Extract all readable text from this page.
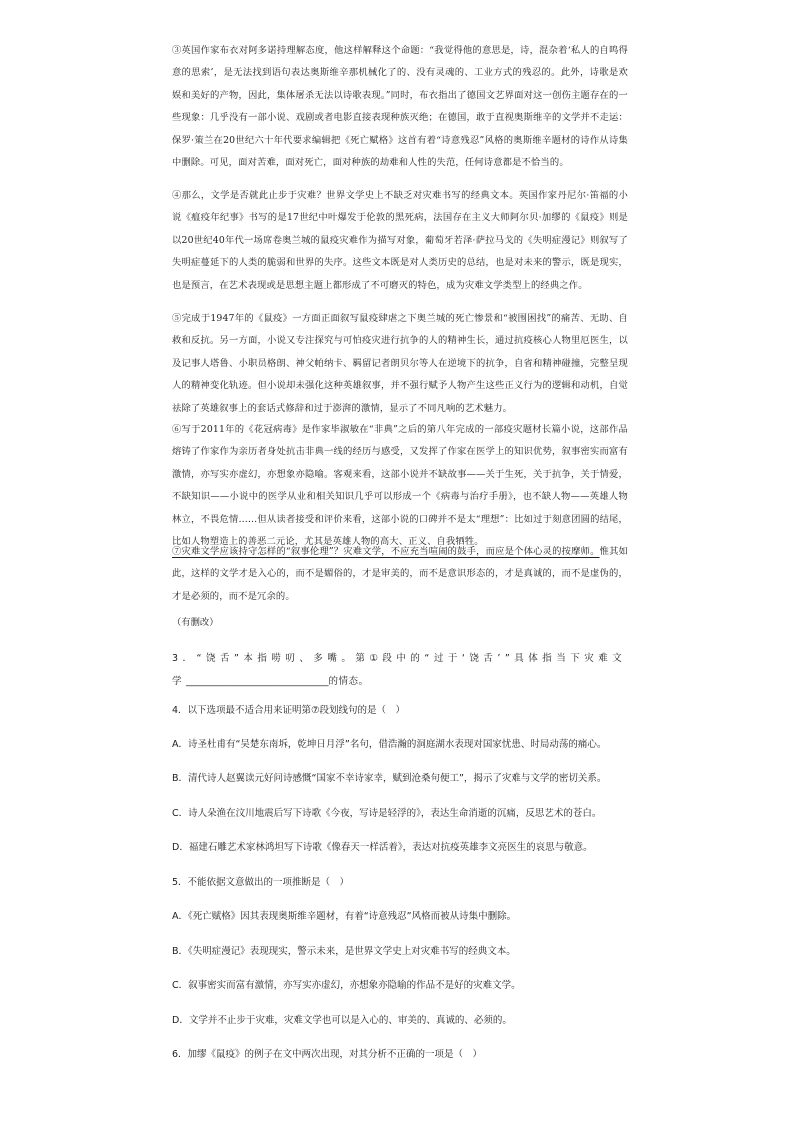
③英国作家布衣对阿多诺持理解态度，他这样解释这个命题：“我觉得他的意思是，诗，混杂着‘私人的自鸣得意的思索’，是无法找到语句表达奥斯维辛那机械化了的、没有灵魂的、工业方式的残忍的。此外，诗歌是欢娱和美好的产物，因此，集体屠杀无法以诗歌表现。”同时，布衣指出了德国文艺界面对这一创伤主题存在的一些现象：几乎没有一部小说、戏剧或者电影直接表现种族灭绝；在德国，敢于直视奥斯维辛的文学并不走运：保罗·策兰在20世纪六十年代要求编辑把《死亡赋格》这首有着“诗意残忍”风格的奥斯维辛题材的诗作从诗集中删除。可见，面对苦难，面对死亡，面对种族的劫难和人性的失范，任何诗意都是不恰当的。

④那么，文学是否就此止步于灾难？世界文学史上不缺乏对灾难书写的经典文本。英国作家丹尼尔·笛福的小说《瘟疫年纪事》书写的是17世纪中叶爆发于伦敦的黑死病，法国存在主义大师阿尔贝·加缪的《鼠疫》则是以20世纪40年代一场席卷奥兰城的鼠疫灾难作为描写对象，葡萄牙若泽·萨拉马戈的《失明症漫记》则叙写了失明症蔓延下的人类的脆弱和世界的失序。这些文本既是对人类历史的总结，也是对未来的警示，既是现实，也是预言，在艺术表现或是思想主题上都形成了不可磨灭的特色，成为灾难文学类型上的经典之作。

⑤完成于1947年的《鼠疫》一方面正面叙写鼠疫肆虐之下奥兰城的死亡惨景和“被围困找”的痛苦、无助、自救和反抗。另一方面，小说又专注探究与可怕疫灾进行抗争的人的精神生长，通过抗疫核心人物里厄医生，以及记事人塔鲁、小职员格朗、神父帕纳卡、羁留记者朗贝尔等人在逆境下的抗争，自省和精神碰撞，完整呈现人的精神变化轨迹。但小说却未强化这种英雄叙事，并不强行赋予人物产生这些正义行为的逻辑和动机，自觉祛除了英雄叙事上的套话式修辞和过于澎湃的激情，显示了不同凡响的艺术魅力。

⑥写于2011年的《花冠病毒》是作家毕淑敏在“非典”之后的第八年完成的一部疫灾题材长篇小说，这部作品熔铸了作家作为亲历者身处抗击非典一线的经历与感受，又发挥了作家在医学上的知识优势，叙事密实而富有激情，亦写实亦虚幻，亦想象亦隐喻。客观来看，这部小说并不缺故事——关于生死，关于抗争，关于情爱，不缺知识——小说中的医学从业和相关知识几乎可以形成一个《病毒与治疗手册》，也不缺人物——英雄人物林立，不畏危情……但从读者接受和评价来看，这部小说的口碑并不是太“理想”：比如过于刻意团圆的结尾，比如人物塑造上的善恶二元论，尤其是英雄人物的高大、正义、自我牺牲。

⑦灾难文学应该持守怎样的“叙事伦理”？灾难文学，不应充当喧闹的鼓手，而应是个体心灵的按摩师。惟其如此，这样的文学才是入心的，而不是媚俗的，才是审美的，而不是意识形态的，才是真诚的，而不是虚伪的，才是必须的，而不是冗余的。

（有删改）

3．“饶舌”本指唠叨、多嘴。第①段中的“过于‘饶舌’”具体指当下灾难文学______________________________的情态。

4．以下选项最不适合用来证明第⑦段划线句的是（　）

A．诗圣杜甫有“吴楚东南坼，乾坤日月浮”名句，借浩瀚的洞庭湖水表现对国家忧患、时局动荡的痛心。

B．清代诗人赵翼读元好问诗感慨“国家不幸诗家幸，赋到沧桑句便工”，揭示了灾难与文学的密切关系。

C．诗人朵渔在汶川地震后写下诗歌《今夜，写诗是轻浮的》，表达生命消逝的沉痛，反思艺术的苍白。

D．福建石雕艺术家林鸿坦写下诗歌《像春天一样活着》，表达对抗疫英雄李文亮医生的哀思与敬意。

5．不能依据文意做出的一项推断是（　）

A．《死亡赋格》因其表现奥斯维辛题材，有着“诗意残忍”风格而被从诗集中删除。

B．《失明症漫记》表现现实，警示未来，是世界文学史上对灾难书写的经典文本。

C．叙事密实而富有激情，亦写实亦虚幻，亦想象亦隐喻的作品不是好的灾难文学。

D．文学并不止步于灾难，灾难文学也可以是入心的、审美的、真诚的、必须的。

6．加缪《鼠疫》的例子在文中两次出现，对其分析不正确的一项是（　）
